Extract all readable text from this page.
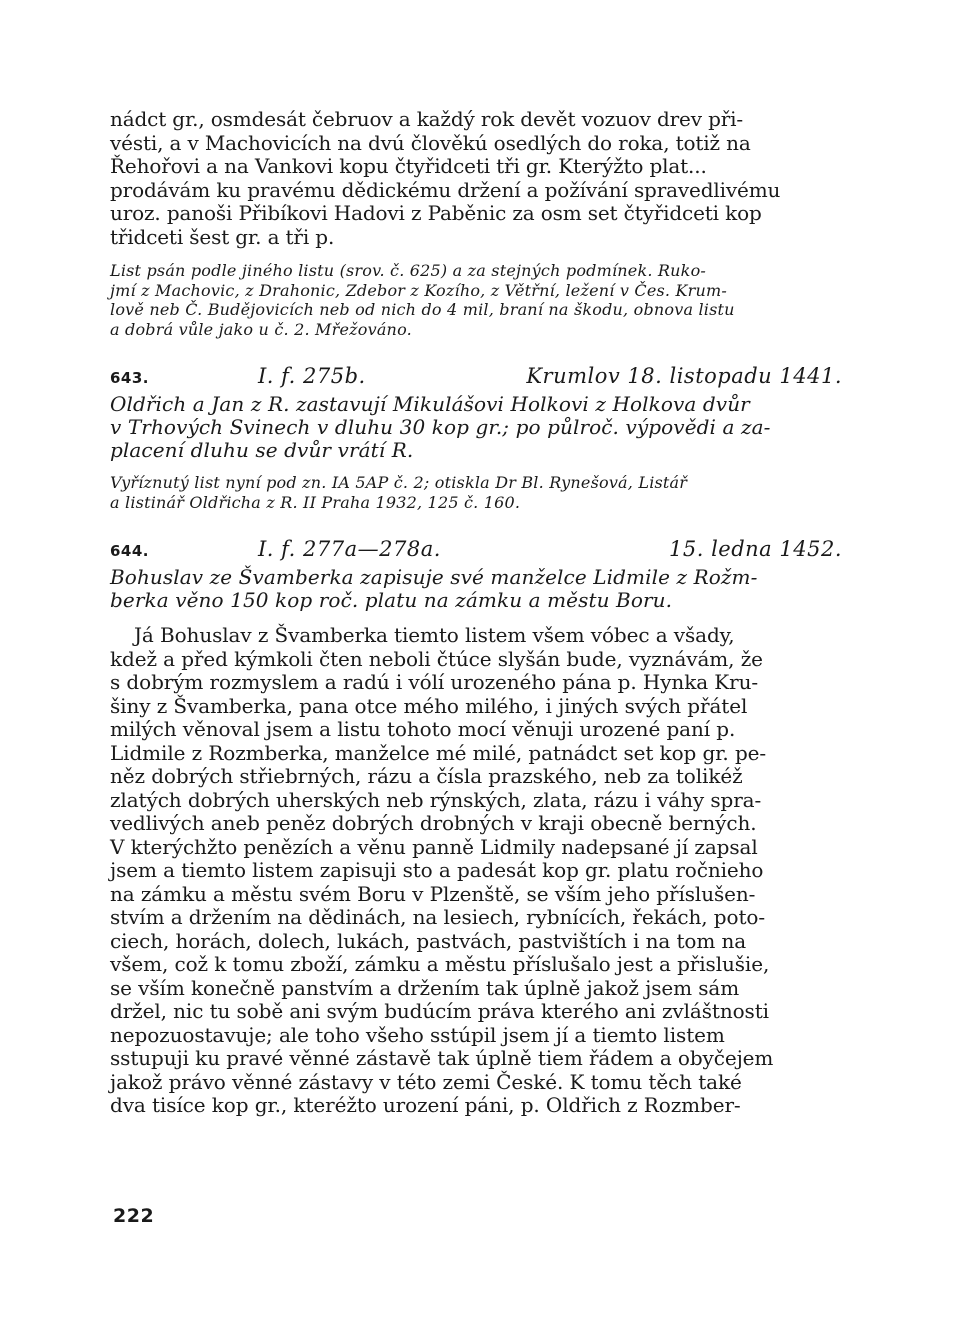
nádct gr., osmdesát čebruov a každý rok devět vozuov drev při-
vésti, a v Machovicích na dvú člověkú osedlých do roka, totiž na
Řehořovi a na Vankovi kopu čtyřidceti tři gr. Kterýžto plat...
prodávám ku pravému dědickému držení a požívání spravedlivému
uroz. panoši Přibíkovi Hadovi z Paběnic za osm set čtyřidceti kop
třidceti šest gr. a tři p.
List psán podle jiného listu (srov. č. 625) a za stejných podmínek. Ruko-
jmí z Machovic, z Drahonic, Zdebor z Kozího, z Větřní, ležení v Čes. Krum-
lově neb Č. Budějovicích neb od nich do 4 mil, braní na škodu, obnova listu
a dobrá vůle jako u č. 2. Mřežováno.
643.	I. f. 275b.	Krumlov 18. listopadu 1441.
Oldřich a Jan z R. zastavují Mikulášovi Holkovi z Holkova dvůr
v Trhových Svinech v dluhu 30 kop gr.; po půlroč. výpovědi a za-
placení dluhu se dvůr vrátí R.
Vyříznutý list nyní pod zn. IA 5AP č. 2; otiskla Dr Bl. Rynešová, Listář
a listinář Oldřicha z R. II Praha 1932, 125 č. 160.
644.	I. f. 277a—278a.	15. ledna 1452.
Bohuslav ze Švamberka zapisuje své manželce Lidmile z Rožm-
berka věno 150 kop roč. platu na zámku a městu Boru.
Já Bohuslav z Švamberka tiemto listem všem vóbec a všady,
kdež a před kýmkoli čten neboli čtúce slyšán bude, vyznávám, že
s dobrým rozmyslem a radú i vólí urozeného pána p. Hynka Kru-
šiny z Švamberka, pana otce mého milého, i jiných svých přátel
milých věnoval jsem a listu tohoto mocí věnuji urozené paní p.
Lidmile z Rozmberka, manželce mé milé, patnádct set kop gr. pe-
něz dobrých střiebrných, rázu a čísla prazského, neb za tolikéž
zlatých dobrých uherských neb rýnských, zlata, rázu i váhy spra-
vedlivých aneb peněz dobrých drobných v kraji obecně berných.
V kterýchžto penězích a věnu panně Lidmily nadepsané jí zapsal
jsem a tiemto listem zapisuji sto a padesát kop gr. platu ročnieho
na zámku a městu svém Boru v Plzenště, se vším jeho příslušen-
stvím a držením na dědinách, na lesiech, rybnících, řekách, poto-
ciech, horách, dolech, lukách, pastvách, pastvištích i na tom na
všem, což k tomu zboží, zámku a městu příslušalo jest a přislušie,
se vším konečně panstvím a držením tak úplně jakož jsem sám
držel, nic tu sobě ani svým budúcím práva kterého ani zvláštnosti
nepozuostavuje; ale toho všeho sstúpil jsem jí a tiemto listem
sstupuji ku pravé věnné zástavě tak úplně tiem řádem a obyčejem
jakož právo věnné zástavy v této zemi České. K tomu těch také
dva tisíce kop gr., kteréžto urození páni, p. Oldřich z Rozmber-
222
